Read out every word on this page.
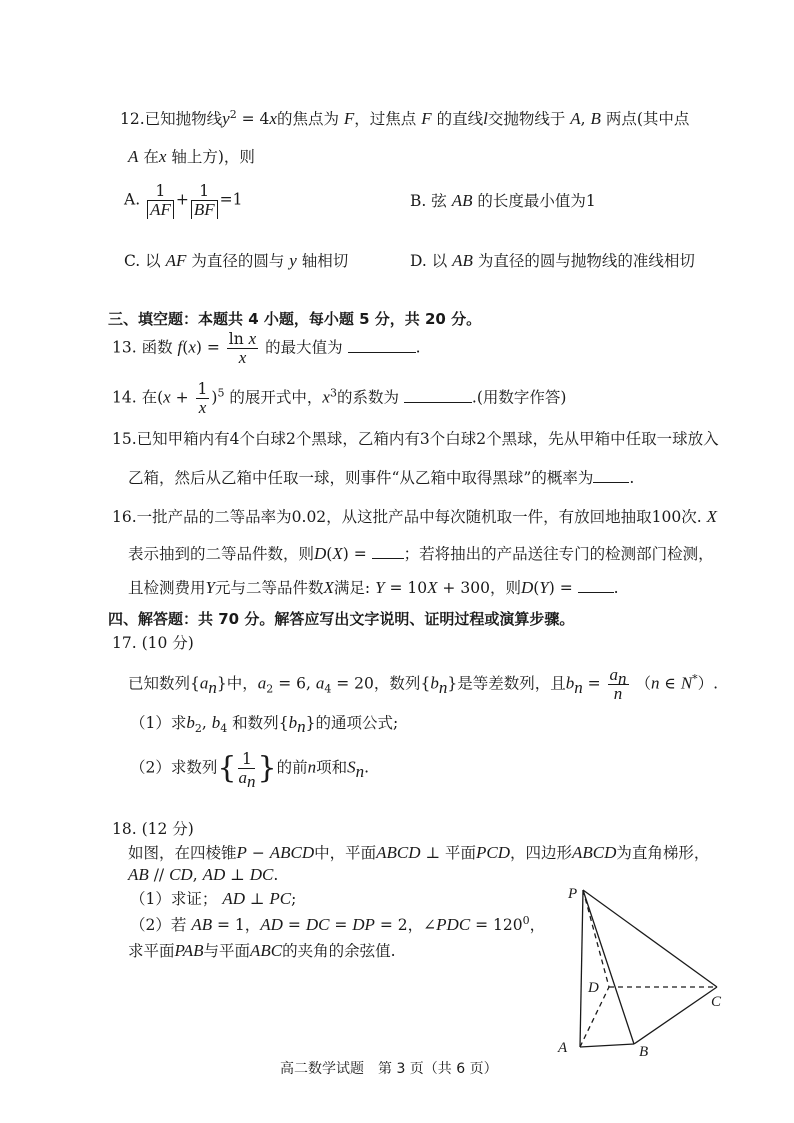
12.已知抛物线$y^2 = 4x$的焦点为 F，过焦点 F 的直线l交抛物线于 A, B 两点(其中点
A 在x 轴上方)，则
A. $\frac{1}{AF} + \frac{1}{BF} =1$	B. 弦 AB 的长度最小值为1
C. 以 AF 为直径的圆与 y 轴相切	D. 以 AB 为直径的圆与抛物线的准线相切
三、填空题：本题共 4 小题，每小题 5 分，共 20 分。
13. 函数 $f(x) = \frac{\text{ln x}}{x}$ 的最大值为	.
14. 在$(x + \frac{1}{x} )^5$ 的展开式中，$x^3$的系数为	.(用数字作答)
15.已知甲箱内有4个白球2个黑球，乙箱内有3个白球2个黑球，先从甲箱中任取一球放入
乙箱，然后从乙箱中任取一球，则事件“从乙箱中取得黑球”的概率为 .
16.一批产品的二等品率为0.02，从这批产品中每次随机取一件，有放回地抽取100次. X
表示抽到的二等品件数，则D(X) = ；若将抽出的产品送往专门的检测部门检测，
且检测费用Y元与二等品件数X满足: Y = 10X + 300，则D(Y) = .
四、解答题：共 70 分。解答应写出文字说明、证明过程或演算步骤。
17. (10 分)
已知数列$\{a_n\}$中，$a_2 = 6$, $a_4 = 20$，数列$\{b_n\}$是等差数列，且$b_n = \frac{a_n}{n} (n$ ∈ N*）.
（1）求$b_2$, $b_4$ 和数列$\{b_n\}$的通项公式;
（2）求数列{ $\frac{1}{a_n}$ }的前n项和$S_n$.
18. (12 分)
如图，在四棱锥P − ABCD中，平面ABCD ⊥ 平面PCD，四边形ABCD为直角梯形，
AB // CD, AD ⊥ DC.
（1）求证； AD ⊥ PC;
（2）若 AB = 1，AD = DC = DP = 2，∠PDC = $120^0$，
求平面PAB与平面ABC的夹角的余弦值.
P
D
C
A	B
高二数学试题　第 3 页（共 6 页）
